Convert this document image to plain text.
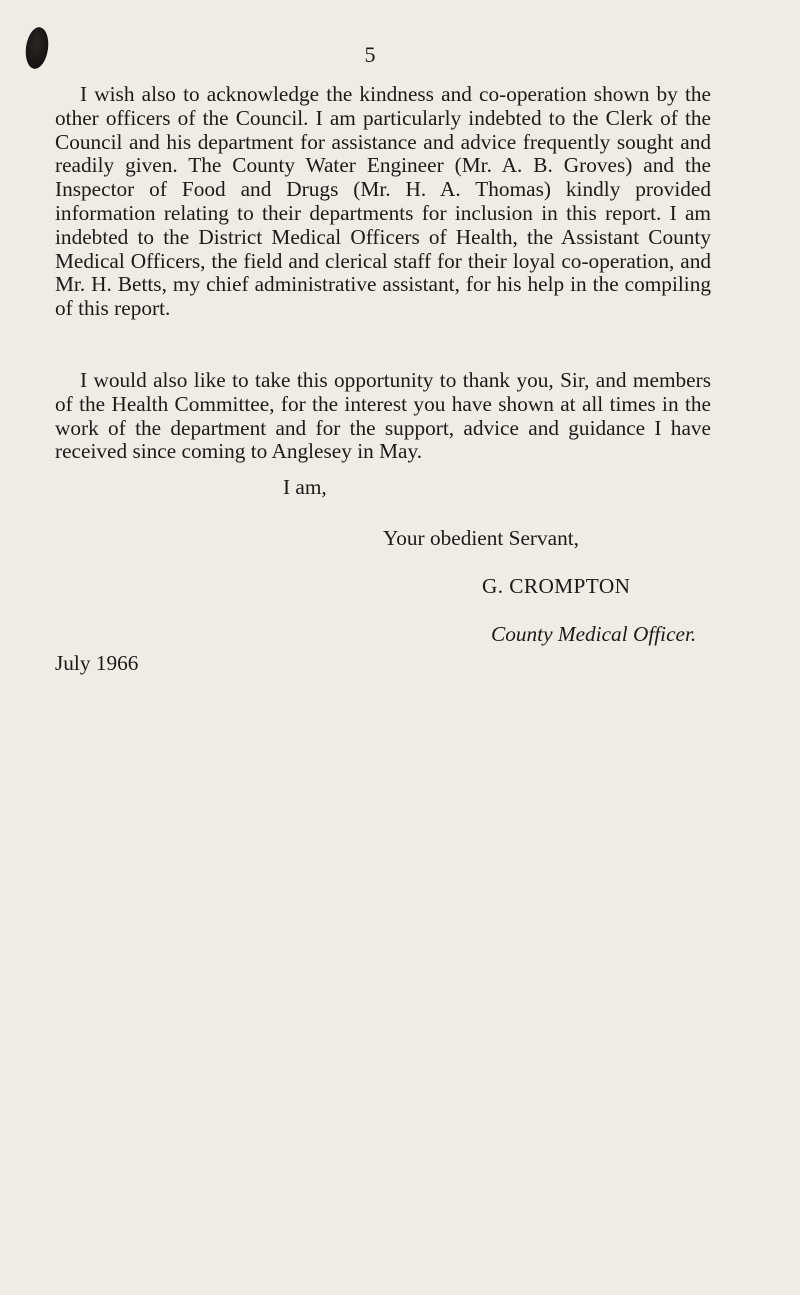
5

I wish also to acknowledge the kindness and co-operation shown by the other officers of the Council. I am particularly indebted to the Clerk of the Council and his department for assistance and advice frequently sought and readily given. The County Water Engineer (Mr. A. B. Groves) and the Inspector of Food and Drugs (Mr. H. A. Thomas) kindly provided information relating to their departments for inclusion in this report. I am indebted to the District Medical Officers of Health, the Assistant County Medical Officers, the field and clerical staff for their loyal co-operation, and Mr. H. Betts, my chief administrative assistant, for his help in the compiling of this report.

I would also like to take this opportunity to thank you, Sir, and members of the Health Committee, for the interest you have shown at all times in the work of the department and for the support, advice and guidance I have received since coming to Anglesey in May.

I am,
Your obedient Servant,
G. CROMPTON
County Medical Officer.
July 1966
